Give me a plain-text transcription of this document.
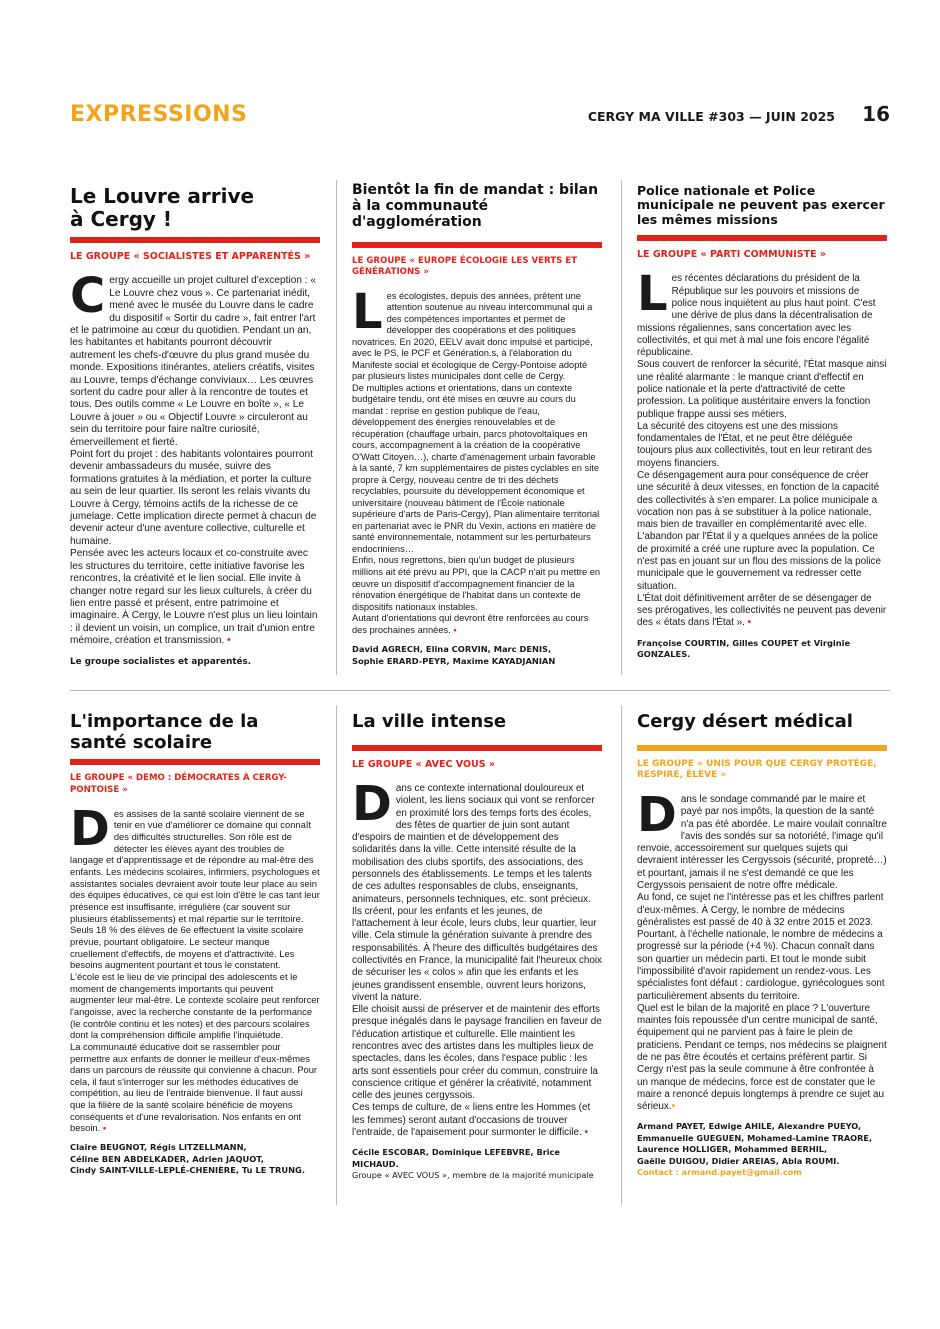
EXPRESSIONS	CERGY MA VILLE #303 — JUIN 2025 16
Le Louvre arrive à Cergy !
LE GROUPE « SOCIALISTES ET APPARENTÉS »
C ergy accueille un projet culturel d'exception : « Le Louvre chez vous ». Ce partenariat inédit, mené avec le musée du Louvre dans le cadre du dispositif « Sortir du cadre », fait entrer l'art et le patrimoine au cœur du quotidien. Pendant un an, les habitantes et habitants pourront découvrir autrement les chefs-d'œuvre du plus grand musée du monde. Expositions itinérantes, ateliers créatifs, visites au Louvre, temps d'échange conviviaux… Les œuvres sortent du cadre pour aller à la rencontre de toutes et tous. Des outils comme « Le Louvre en boîte », « Le Louvre à jouer » ou « Objectif Louvre » circuleront au sein du territoire pour faire naître curiosité, émerveillement et fierté.

Point fort du projet : des habitants volontaires pourront devenir ambassadeurs du musée, suivre des formations gratuites à la médiation, et porter la culture au sein de leur quartier. Ils seront les relais vivants du Louvre à Cergy, témoins actifs de la richesse de ce jumelage. Cette implication directe permet à chacun de devenir acteur d'une aventure collective, culturelle et humaine.

Pensée avec les acteurs locaux et co-construite avec les structures du territoire, cette initiative favorise les rencontres, la créativité et le lien social. Elle invite à changer notre regard sur les lieux culturels, à créer du lien entre passé et présent, entre patrimoine et imaginaire. À Cergy, le Louvre n'est plus un lieu lointain : il devient un voisin, un complice, un trait d'union entre mémoire, création et transmission. •

Le groupe socialistes et apparentés.
Bientôt la fin de mandat : bilan à la communauté d'agglomération
LE GROUPE « EUROPE ÉCOLOGIE LES VERTS ET GÉNÉRATIONS »
L es écologistes, depuis des années, prêtent une attention soutenue au niveau intercommunal qui a des compétences importantes et permet de développer des coopérations et des politiques novatrices. En 2020, EELV avait donc impulsé et participé, avec le PS, le PCF et Génération.s, à l'élaboration du Manifeste social et écologique de Cergy-Pontoise adopté par plusieurs listes municipales dont celle de Cergy.

De multiples actions et orientations, dans un contexte budgétaire tendu, ont été mises en œuvre au cours du mandat : reprise en gestion publique de l'eau, développement des énergies renouvelables et de récupération (chauffage urbain, parcs photovoltaïques en cours, accompagnement à la création de la coopérative O'Watt Citoyen…), charte d'aménagement urbain favorable à la santé, 7 km supplémentaires de pistes cyclables en site propre à Cergy, nouveau centre de tri des déchets recyclables, poursuite du développement économique et universitaire (nouveau bâtiment de l'École nationale supérieure d'arts de Paris-Cergy), Plan alimentaire territorial en partenariat avec le PNR du Vexin, actions en matière de santé environnementale, notamment sur les perturbateurs endocriniens…

Enfin, nous regrettons, bien qu'un budget de plusieurs millions ait été prévu au PPI, que la CACP n'ait pu mettre en œuvre un dispositif d'accompagnement financier de la rénovation énergétique de l'habitat dans un contexte de dispositifs nationaux instables.

Autant d'orientations qui devront être renforcées au cours des prochaines années. •

David AGRECH, Elina CORVIN, Marc DENIS,
Sophie ERARD-PEYR, Maxime KAYADJANIAN
Police nationale et Police municipale ne peuvent pas exercer les mêmes missions
LE GROUPE « PARTI COMMUNISTE »
L es récentes déclarations du président de la République sur les pouvoirs et missions de police nous inquiètent au plus haut point. C'est une dérive de plus dans la décentralisation de missions régaliennes, sans concertation avec les collectivités, et qui met à mal une fois encore l'égalité républicaine.

Sous couvert de renforcer la sécurité, l'État masque ainsi une réalité alarmante : le manque criant d'effectif en police nationale et la perte d'attractivité de cette profession. La politique austéritaire envers la fonction publique frappe aussi ses métiers.

La sécurité des citoyens est une des missions fondamentales de l'État, et ne peut être déléguée toujours plus aux collectivités, tout en leur retirant des moyens financiers.

Ce désengagement aura pour conséquence de créer une sécurité à deux vitesses, en fonction de la capacité des collectivités à s'en emparer. La police municipale a vocation non pas à se substituer à la police nationale, mais bien de travailler en complémentarité avec elle.

L'abandon par l'État il y a quelques années de la police de proximité a créé une rupture avec la population. Ce n'est pas en jouant sur un flou des missions de la police municipale que le gouvernement va redresser cette situation.

L'État doit définitivement arrêter de se désengager de ses prérogatives, les collectivités ne peuvent pas devenir des « états dans l'État ». •

Françoise COURTIN, Gilles COUPET et Virginie GONZALES.
L'importance de la santé scolaire
LE GROUPE « DEMO : DÉMOCRATES À CERGY-PONTOISE »
D es assises de la santé scolaire viennent de se tenir en vue d'améliorer ce domaine qui connaît des difficultés structurelles. Son rôle est de détecter les élèves ayant des troubles de langage et d'apprentissage et de répondre au mal-être des enfants. Les médecins scolaires, infirmiers, psychologues et assistantes sociales devraient avoir toute leur place au sein des équipes éducatives, ce qui est loin d'être le cas tant leur présence est insuffisante, irrégulière (car souvent sur plusieurs établissements) et mal répartie sur le territoire. Seuls 18 % des élèves de 6e effectuent la visite scolaire prévue, pourtant obligatoire. Le secteur manque cruellement d'effectifs, de moyens et d'attractivité. Les besoins augmentent pourtant et tous le constatent.

L'école est le lieu de vie principal des adolescents et le moment de changements importants qui peuvent augmenter leur mal-être. Le contexte scolaire peut renforcer l'angoisse, avec la recherche constante de la performance (le contrôle continu et les notes) et des parcours scolaires dont la compréhension difficile amplifie l'inquiétude.

La communauté éducative doit se rassembler pour permettre aux enfants de donner le meilleur d'eux-mêmes dans un parcours de réussite qui convienne à chacun. Pour cela, il faut s'interroger sur les méthodes éducatives de compétition, au lieu de l'entraide bienvenue. Il faut aussi que la filière de la santé scolaire bénéficie de moyens conséquents et d'une revalorisation. Nos enfants en ont besoin. •

Claire BEUGNOT, Régis LITZELLMANN,
Céline BEN ABDELKADER, Adrien JAQUOT,
Cindy SAINT-VILLE-LEPLÉ-CHENIÈRE, Tu LE TRUNG.
La ville intense
LE GROUPE « AVEC VOUS »
D ans ce contexte international douloureux et violent, les liens sociaux qui vont se renforcer en proximité lors des temps forts des écoles, des fêtes de quartier de juin sont autant d'espoirs de maintien et de développement des solidarités dans la ville. Cette intensité résulte de la mobilisation des clubs sportifs, des associations, des personnels des établissements. Le temps et les talents de ces adultes responsables de clubs, enseignants, animateurs, personnels techniques, etc. sont précieux. Ils créent, pour les enfants et les jeunes, de l'attachement à leur école, leurs clubs, leur quartier, leur ville. Cela stimule la génération suivante à prendre des responsabilités. À l'heure des difficultés budgétaires des collectivités en France, la municipalité fait l'heureux choix de sécuriser les « colos » afin que les enfants et les jeunes grandissent ensemble, ouvrent leurs horizons, vivent la nature.

Elle choisit aussi de préserver et de maintenir des efforts presque inégalés dans le paysage francilien en faveur de l'éducation artistique et culturelle. Elle maintient les rencontres avec des artistes dans les multiples lieux de spectacles, dans les écoles, dans l'espace public : les arts sont essentiels pour créer du commun, construire la conscience critique et générer la créativité, notamment celle des jeunes cergyssois.

Ces temps de culture, de « liens entre les Hommes (et les femmes) seront autant d'occasions de trouver l'entraide, de l'apaisement pour surmonter le difficile. •

Cécile ESCOBAR, Dominique LEFEBVRE, Brice MICHAUD.
Groupe « AVEC VOUS », membre de la majorité municipale
Cergy désert médical
LE GROUPE « UNIS POUR QUE CERGY PROTÈGE, RESPIRE, ÉLÈVE »
D ans le sondage commandé par le maire et payé par nos impôts, la question de la santé n'a pas été abordée. Le maire voulait connaître l'avis des sondés sur sa notoriété, l'image qu'il renvoie, accessoirement sur quelques sujets qui devraient intéresser les Cergyssois (sécurité, propreté…) et pourtant, jamais il ne s'est demandé ce que les Cergyssois pensaient de notre offre médicale.

Au fond, ce sujet ne l'intéresse pas et les chiffres parlent d'eux-mêmes. À Cergy, le nombre de médecins généralistes est passé de 40 à 32 entre 2015 et 2023. Pourtant, à l'échelle nationale, le nombre de médecins a progressé sur la période (+4 %). Chacun connaît dans son quartier un médecin parti. Et tout le monde subit l'impossibilité d'avoir rapidement un rendez-vous. Les spécialistes font défaut : cardiologue, gynécologues sont particulièrement absents du territoire.

Quel est le bilan de la majorité en place ? L'ouverture maintes fois repoussée d'un centre municipal de santé, équipement qui ne parvient pas à faire le plein de praticiens. Pendant ce temps, nos médecins se plaignent de ne pas être écoutés et certains préfèrent partir. Si Cergy n'est pas la seule commune à être confrontée à un manque de médecins, force est de constater que le maire a renoncé depuis longtemps à prendre ce sujet au sérieux.•

Armand PAYET, Edwige AHILE, Alexandre PUEYO,
Emmanuelle GUEGUEN, Mohamed-Lamine TRAORE,
Laurence HOLLIGER, Mohammed BERHIL,
Gaëlle DUIGOU, Didier AREIAS, Abla ROUMI.
Contact : armand.payet@gmail.com
